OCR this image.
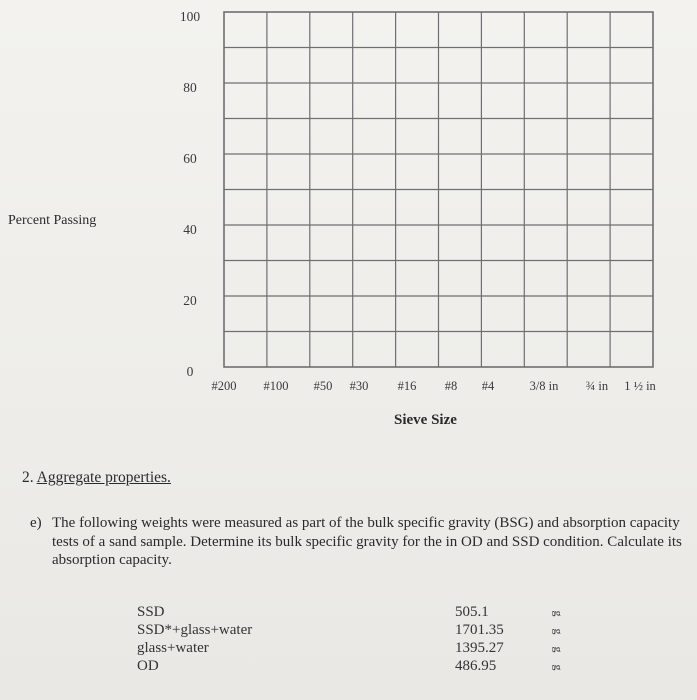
0
20
40
60
80
100
#200 #100 #50 #30 #16 #8 #4	3/8 in ¾ in 1 ½ in
Percent Passing
Sieve Size
2. Aggregate properties.
e) The following weights were measured as part of the bulk specific gravity (BSG) and absorption capacity tests of a sand sample. Determine its bulk specific gravity for the in OD and SSD condition. Calculate its absorption capacity.
SSD	505.1	g
SSD*+glass+water	1701.35	g
glass+water	1395.27	g
OD	486.95	g
